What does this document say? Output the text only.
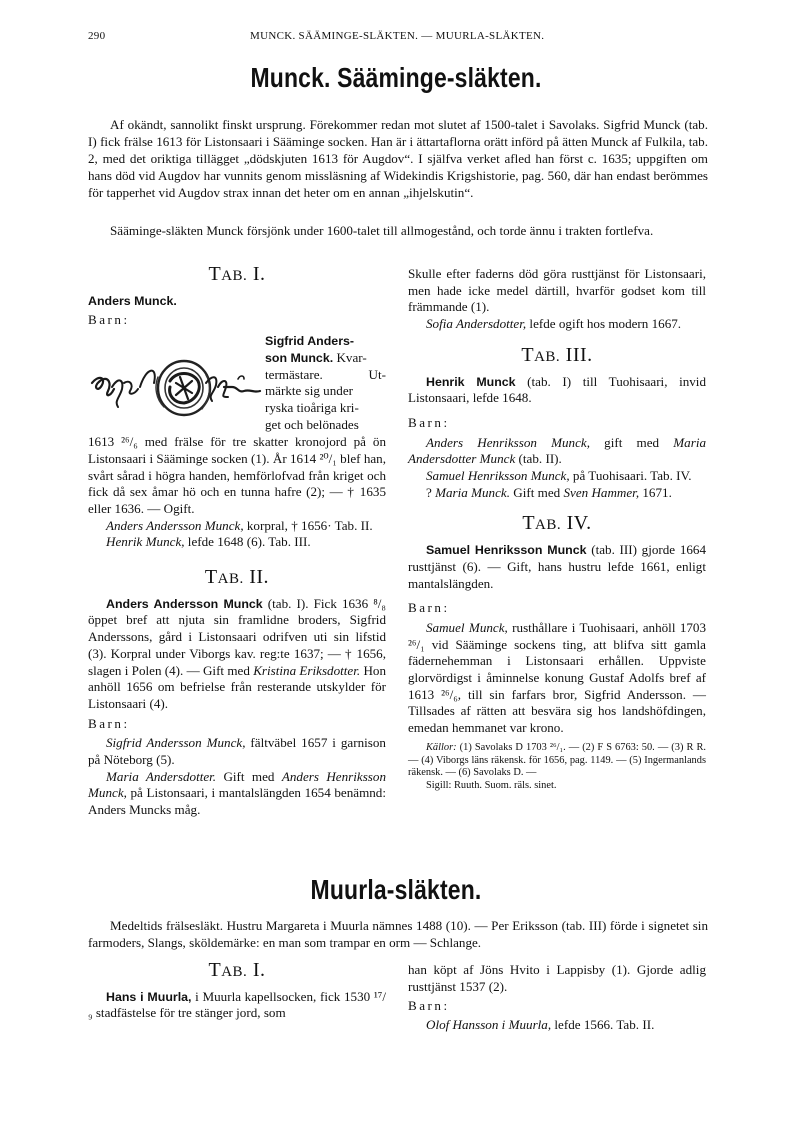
290	MUNCK. SÄÄMINGE-SLÄKTEN. — MUURLA-SLÄKTEN.
Munck. Sääminge-släkten.
Af okändt, sannolikt finskt ursprung. Förekommer redan mot slutet af 1500-talet i Savolaks. Sigfrid Munck (tab. I) fick frälse 1613 för Listonsaari i Sääminge socken. Han är i ättartaflorna orätt införd på ätten Munck af Fulkila, tab. 2, med det oriktiga tillägget „dödskjuten 1613 för Augdov“. I själfva verket afled han först c. 1635; uppgiften om hans död vid Augdov har vunnits genom missläsning af Widekindis Krigshistorie, pag. 560, där han endast berömmes för tapperhet vid Augdov strax innan det heter om en annan „ihjelskutin“.
Sääminge-släkten Munck försjönk under 1600-talet till allmogestånd, och torde ännu i trakten fortlefva.

TAB. I.

Anders Munck.

Barn:

Sigfrid Anders-
son Munck. Kvar-
termästare.	Ut-

märkte sig under
ryska tioåriga kri-
get och belönades

1613 ²⁶/₆ med frälse för tre skatter kronojord på ön Listonsaari i Sääminge socken (1). År 1614 ²⁰/₁ blef han, svårt sårad i högra handen, hemförlofvad från kriget och fick då sex åmar hö och en tunna hafre (2); — † 1635 eller 1636. — Ogift.

Anders Andersson Munck, korpral, † 1656· Tab. II.

Henrik Munck, lefde 1648 (6). Tab. III.

TAB. II.

Anders Andersson Munck (tab. I). Fick 1636 ⁸/₈ öppet bref att njuta sin framlidne broders, Sigfrid Anderssons, gård i Listonsaari odrifven uti sin lifstid (3). Korpral under Viborgs kav. reg:te 1637; — † 1656, slagen i Polen (4). — Gift med Kristina Eriksdotter. Hon anhöll 1656 om befrielse från resterande utskylder för Listonsaari (4).

Barn:

Sigfrid Andersson Munck, fältväbel 1657 i garnison på Nöteborg (5).

Maria Andersdotter. Gift med Anders Henriksson Munck, på Listonsaari, i mantalslängden 1654 benämnd: Anders Muncks måg.

Skulle efter faderns död göra rusttjänst för Listonsaari, men hade icke medel därtill, hvarför godset kom till främmande (1).

Sofia Andersdotter, lefde ogift hos modern 1667.

TAB. III.

Henrik Munck (tab. I) till Tuohisaari, invid Listonsaari, lefde 1648.

Barn:

Anders Henriksson Munck, gift med Maria Andersdotter Munck (tab. II).

Samuel Henriksson Munck, på Tuohisaari. Tab. IV.

? Maria Munck. Gift med Sven Hammer, 1671.

TAB. IV.

Samuel Henriksson Munck (tab. III) gjorde 1664 rusttjänst (6). — Gift, hans hustru lefde 1661, enligt mantalslängden.

Barn:

Samuel Munck, rusthållare i Tuohisaari, anhöll 1703 ²⁶/₁ vid Sääminge sockens ting, att blifva sitt gamla fädernehemman i Listonsaari erhållen. Uppviste glorvördigst i åminnelse konung Gustaf Adolfs bref af 1613 ²⁶/₆, till sin farfars bror, Sigfrid Andersson. — Tillsades af rätten att besvära sig hos landshöfdingen, emedan hemmanet var krono.

Källor: (1) Savolaks D 1703 ²⁶/₁. — (2) F S 6763: 50. — (3) R R. — (4) Viborgs läns räkensk. för 1656, pag. 1149. — (5) Ingermanlands räkensk. — (6) Savolaks D. —

Sigill: Ruuth. Suom. räls. sinet.

Muurla-släkten.
Medeltids frälsesläkt. Hustru Margareta i Muurla nämnes 1488 (10). — Per Eriksson (tab. III) förde i signetet sin farmoders, Slangs, sköldemärke: en man som trampar en orm — Schlange.

TAB. I.

Hans i Muurla, i Muurla kapellsocken, fick 1530 ¹⁷/₉ stadfästelse för tre stänger jord, som

han köpt af Jöns Hvito i Lappisby (1). Gjorde adlig rusttjänst 1537 (2).

Barn:

Olof Hansson i Muurla, lefde 1566. Tab. II.
